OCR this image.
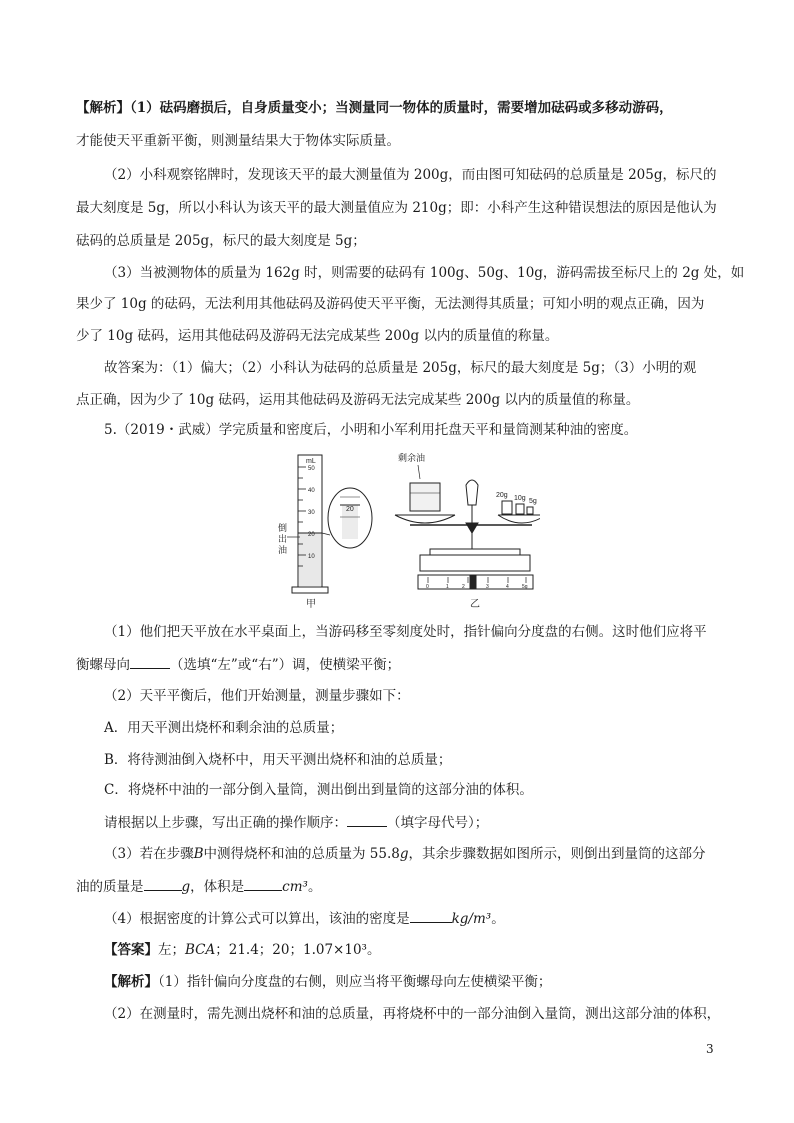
【解析】（1）砝码磨损后，自身质量变小；当测量同一物体的质量时，需要增加砝码或多移动游码，
才能使天平重新平衡，则测量结果大于物体实际质量。
（2）小科观察铭牌时，发现该天平的最大测量值为 200g，而由图可知砝码的总质量是 205g，标尺的
最大刻度是 5g，所以小科认为该天平的最大测量值应为 210g；即：小科产生这种错误想法的原因是他认为
砝码的总质量是 205g，标尺的最大刻度是 5g；
（3）当被测物体的质量为 162g 时，则需要的砝码有 100g、50g、10g，游码需拔至标尺上的 2g 处，如
果少了 10g 的砝码，无法利用其他砝码及游码使天平平衡，无法测得其质量；可知小明的观点正确，因为
少了 10g 砝码，运用其他砝码及游码无法完成某些 200g 以内的质量值的称量。
故答案为：（1）偏大；（2）小科认为砝码的总质量是 205g，标尺的最大刻度是 5g；（3）小明的观
点正确，因为少了 10g 砝码，运用其他砝码及游码无法完成某些 200g 以内的质量值的称量。
5.（2019・武威）学完质量和密度后，小明和小军利用托盘天平和量筒测某种油的密度。
mL
50
40
30
20
10
倒
出
油
20
剩余油
20g 10g 5g
0	1	2	3	4	5g
甲	乙
（1）他们把天平放在水平桌面上，当游码移至零刻度处时，指针偏向分度盘的右侧。这时他们应将平
衡螺母向	（选填“左”或“右”）调，使横梁平衡；
（2）天平平衡后，他们开始测量，测量步骤如下：
A．用天平测出烧杯和剩余油的总质量；
B．将待测油倒入烧杯中，用天平测出烧杯和油的总质量；
C．将烧杯中油的一部分倒入量筒，测出倒出到量筒的这部分油的体积。
请根据以上步骤，写出正确的操作顺序：	（填字母代号）；
（3）若在步骤B中测得烧杯和油的总质量为 55.8g，其余步骤数据如图所示，则倒出到量筒的这部分
油的质量是	g，体积是	cm³。
（4）根据密度的计算公式可以算出，该油的密度是	kg/m³。
【答案】左；BCA；21.4；20；1.07×10³。
【解析】（1）指针偏向分度盘的右侧，则应当将平衡螺母向左使横梁平衡；
（2）在测量时，需先测出烧杯和油的总质量，再将烧杯中的一部分油倒入量筒，测出这部分油的体积，
3
